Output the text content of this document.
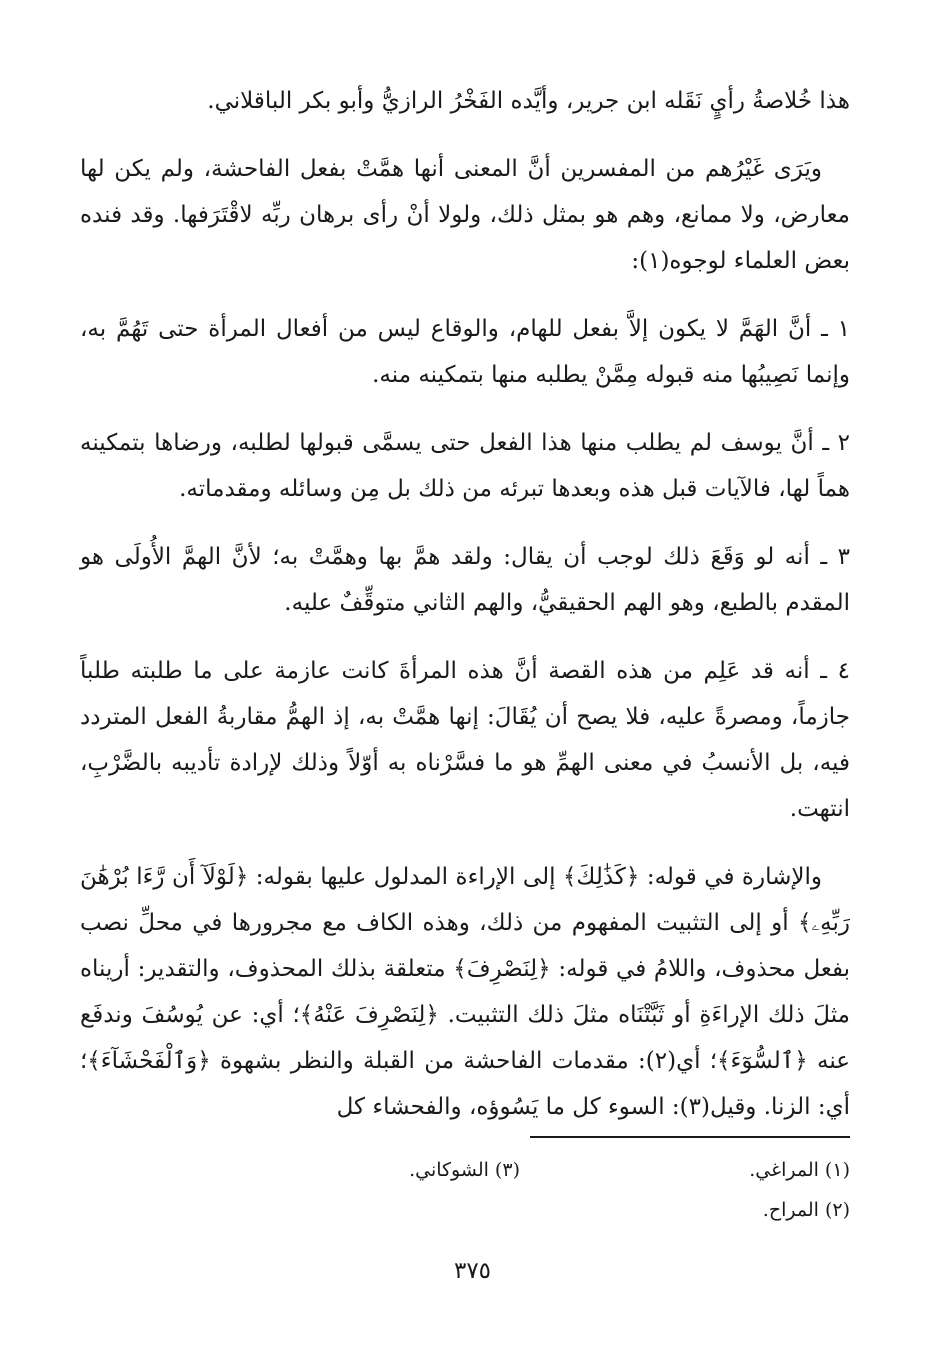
هذا خُلاصةُ رأيٍ نَقَله ابن جرير، وأيَّده الفَخْرُ الرازيُّ وأبو بكر الباقلاني.

ويَرَى غَيْرُهم من المفسرين أنَّ المعنى أنها همَّتْ بفعل الفاحشة، ولم يكن لها معارض، ولا ممانع، وهم هو بمثل ذلك، ولولا أنْ رأى برهان ربِّه لاقْتَرَفها. وقد فنده بعض العلماء لوجوه(١):

١ ـ أنَّ الهَمَّ لا يكون إلاَّ بفعل للهام، والوقاع ليس من أفعال المرأة حتى تَهُمَّ به، وإنما نَصِيبُها منه قبوله مِمَّنْ يطلبه منها بتمكينه منه.

٢ ـ أنَّ يوسف لم يطلب منها هذا الفعل حتى يسمَّى قبولها لطلبه، ورضاها بتمكينه هماً لها، فالآيات قبل هذه وبعدها تبرئه من ذلك بل مِن وسائله ومقدماته.

٣ ـ أنه لو وَقَعَ ذلك لوجب أن يقال: ولقد همَّ بها وهمَّتْ به؛ لأنَّ الهمَّ الأُولَى هو المقدم بالطبع، وهو الهم الحقيقيُّ، والهم الثاني متوقِّفٌ عليه.

٤ ـ أنه قد عَلِم من هذه القصة أنَّ هذه المرأةَ كانت عازمة على ما طلبته طلباً جازماً، ومصرةً عليه، فلا يصح أن يُقَالَ: إنها همَّتْ به، إذ الهمُّ مقاربةُ الفعل المتردد فيه، بل الأنسبُ في معنى الهمِّ هو ما فسَّرْناه به أوّلاً وذلك لإرادة تأديبه بالضَّرْبِ، انتهت.

والإشارة في قوله: ﴿كَذَٰلِكَ﴾ إلى الإراءة المدلول عليها بقوله: ﴿لَوْلَآ أَن رَّءَا بُرْهَٰنَ رَبِّهِۦ﴾ أو إلى التثبيت المفهوم من ذلك، وهذه الكاف مع مجرورها في محلِّ نصب بفعل محذوف، واللامُ في قوله: ﴿لِنَصْرِفَ﴾ متعلقة بذلك المحذوف، والتقدير: أريناه مثلَ ذلك الإراءَةِ أو ثَبَّتْنَاه مثلَ ذلك التثبيت. ﴿لِنَصْرِفَ عَنْهُ﴾؛ أي: عن يُوسُفَ وندفَع عنه ﴿ٱلسُّوٓءَ﴾؛ أي(٢): مقدمات الفاحشة من القبلة والنظر بشهوة ﴿وَٱلْفَحْشَآءَ﴾؛ أي: الزنا. وقيل(٣): السوء كل ما يَسُوؤه، والفحشاء كل

(١) المراغي.
(٣) الشوكاني.
(٢) المراح.
٣٧٥
